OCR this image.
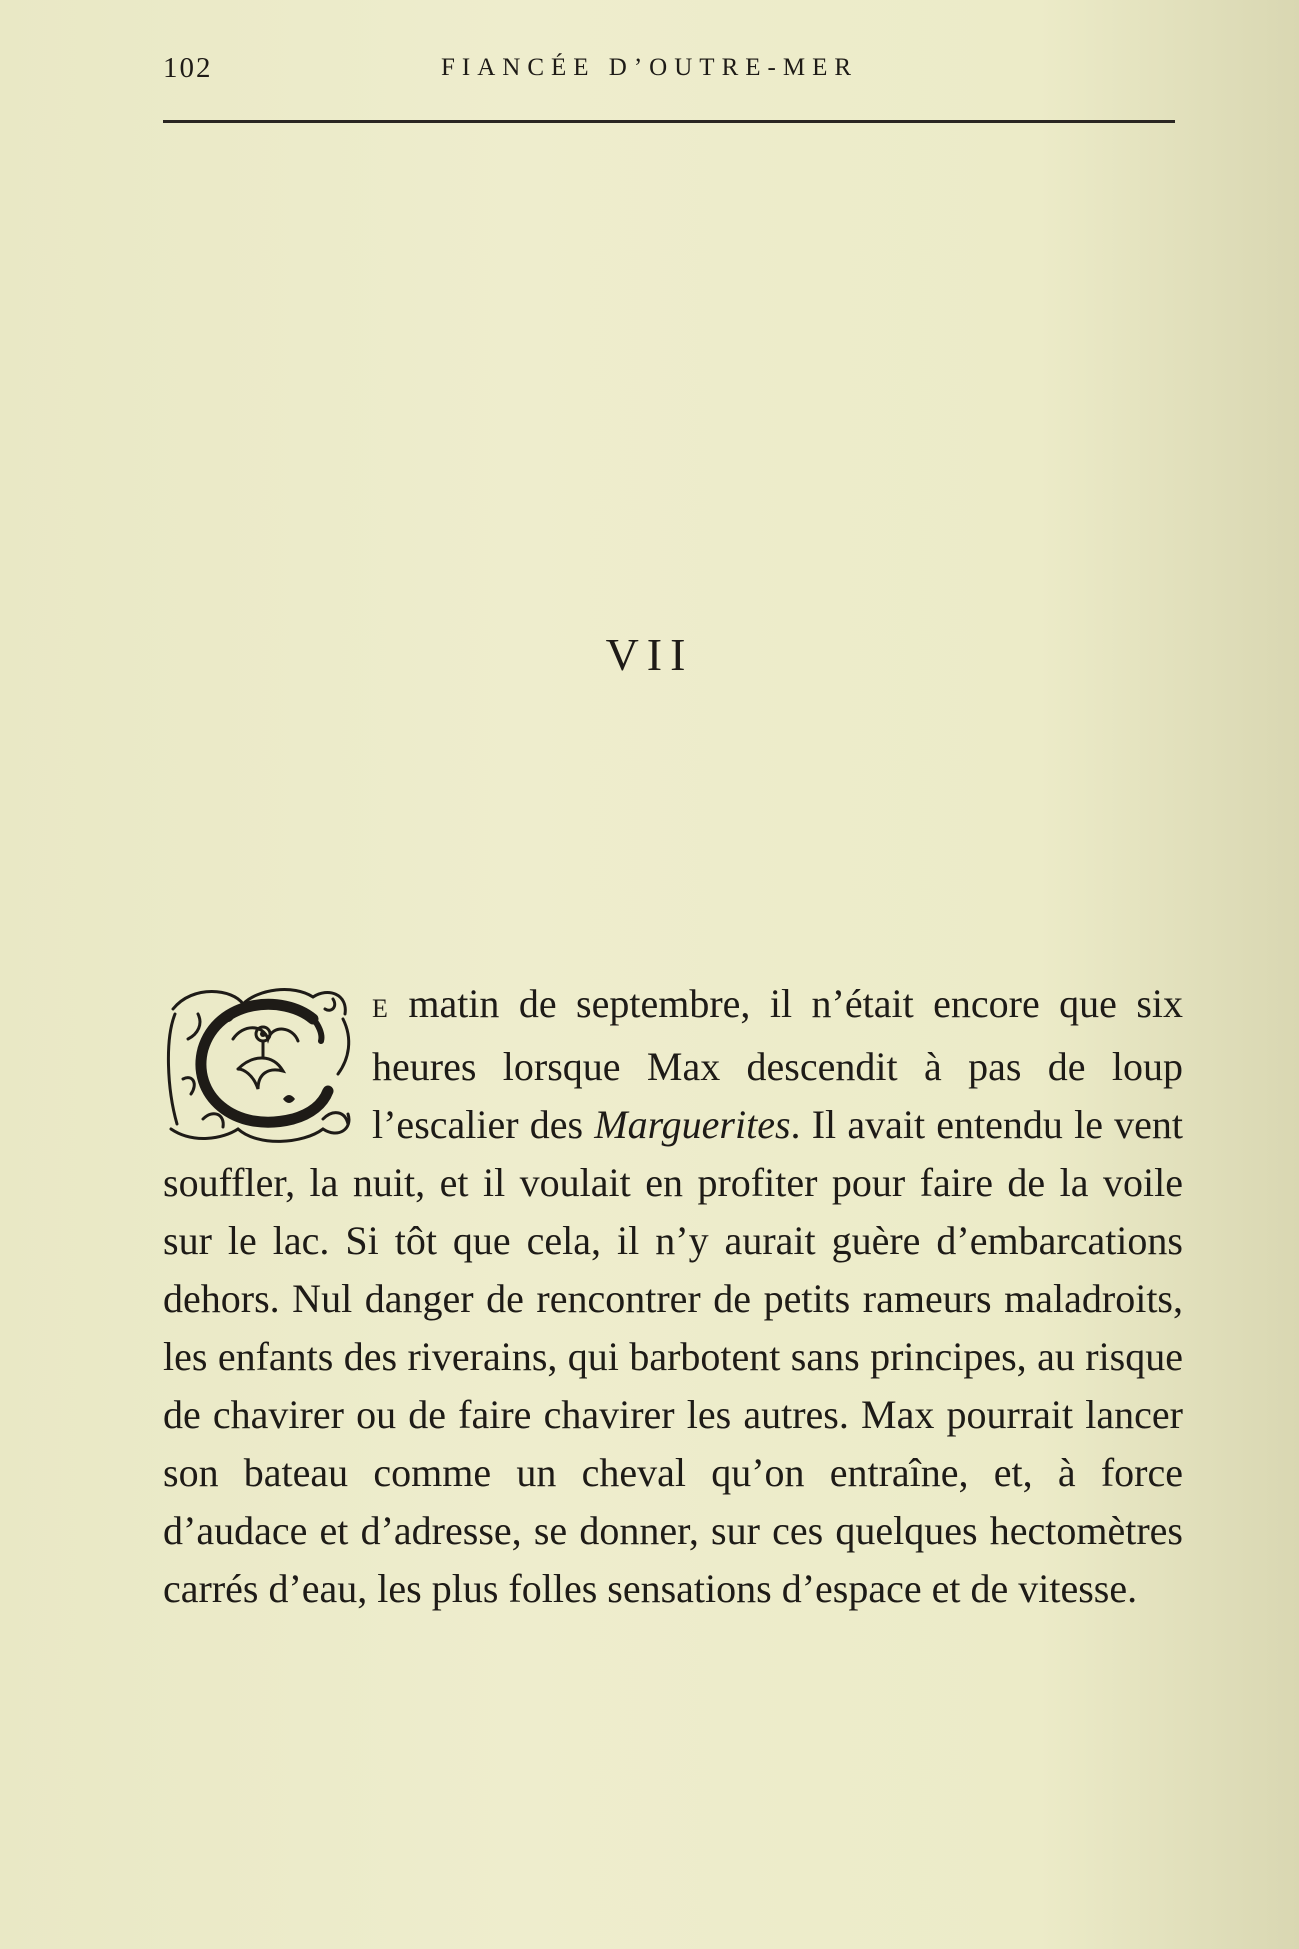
102	FIANCÉE D’OUTRE-MER
VII

E matin de septembre, il n’était encore que six heures lorsque Max descendit à pas de loup l’escalier des Marguerites. Il avait entendu le vent souffler, la nuit, et il voulait en profiter pour faire de la voile sur le lac. Si tôt que cela, il n’y aurait guère d’embarcations dehors. Nul danger de rencontrer de petits rameurs maladroits, les enfants des riverains, qui barbotent sans principes, au risque de chavirer ou de faire chavirer les autres. Max pourrait lancer son bateau comme un cheval qu’on entraîne, et, à force d’audace et d’adresse, se donner, sur ces quelques hectomètres carrés d’eau, les plus folles sensations d’espace et de vitesse.
